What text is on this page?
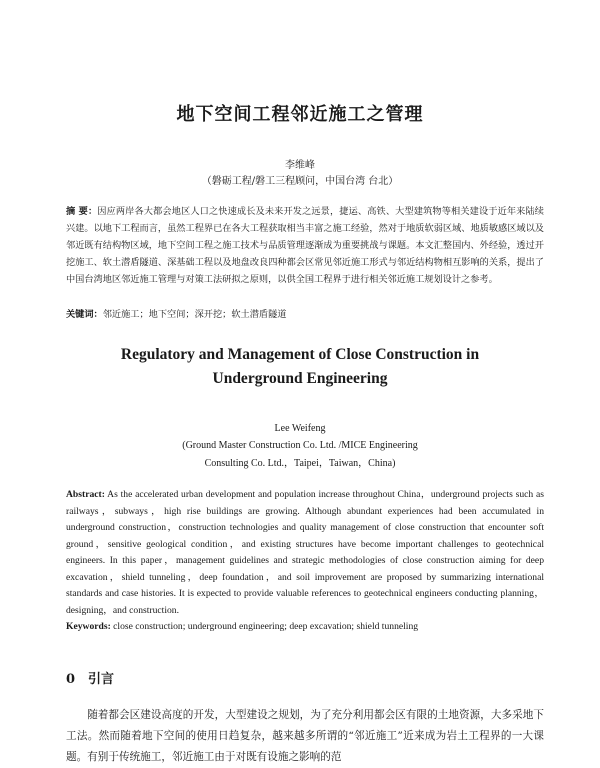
地下空间工程邻近施工之管理
李维峰
（磐砺工程/磐工三程顾问，中国台湾 台北）

摘 要：因应两岸各大都会地区人口之快速成长及未来开发之远景，捷运、高铁、大型建筑物等相关建设于近年来陆续兴建。以地下工程而言，虽然工程界已在各大工程获取相当丰富之施工经验，然对于地质软弱区域、地质敏感区域以及邻近既有结构物区域，地下空间工程之施工技术与品质管理逐渐成为重要挑战与课题。本文汇整国内、外经验，透过开挖施工、软土潜盾隧道、深基础工程以及地盘改良四种都会区常见邻近施工形式与邻近结构物相互影响的关系，提出了中国台湾地区邻近施工管理与对策工法研拟之原则，以供全国工程界于进行相关邻近施工规划设计之参考。

关键词：邻近施工；地下空间；深开挖；软土潜盾隧道

Regulatory and Management of Close Construction in
Underground Engineering
Lee Weifeng
(Ground Master Construction Co. Ltd. /MICE Engineering
Consulting Co. Ltd.，Taipei，Taiwan，China)

Abstract: As the accelerated urban development and population increase throughout China，underground projects such as railways，subways，high rise buildings are growing. Although abundant experiences had been accumulated in underground construction，construction technologies and quality management of close construction that encounter soft ground，sensitive geological condition，and existing structures have become important challenges to geotechnical engineers. In this paper，management guidelines and strategic methodologies of close construction aiming for deep excavation，shield tunneling，deep foundation，and soil improvement are proposed by summarizing international standards and case histories. It is expected to provide valuable references to geotechnical engineers conducting planning，designing，and construction.

Keywords: close construction; underground engineering; deep excavation; shield tunneling

0 引言

随着都会区建设高度的开发，大型建设之规划，为了充分利用都会区有限的土地资源，大多采地下工法。然而随着地下空间的使用日趋复杂，越来越多所谓的“邻近施工”近来成为岩土工程界的一大课题。有别于传统施工，邻近施工由于对既有设施之影响的范
